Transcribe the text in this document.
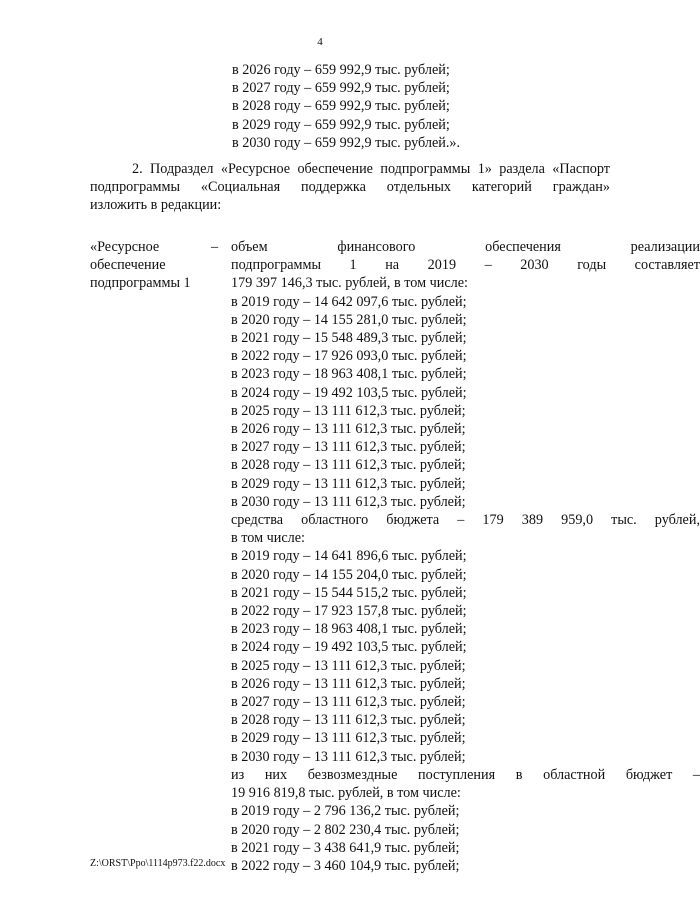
4
в 2026 году – 659 992,9 тыс. рублей;
в 2027 году – 659 992,9 тыс. рублей;
в 2028 году – 659 992,9 тыс. рублей;
в 2029 году – 659 992,9 тыс. рублей;
в 2030 году – 659 992,9 тыс. рублей.».
2. Подраздел «Ресурсное обеспечение подпрограммы 1» раздела «Паспорт
подпрограммы «Социальная поддержка отдельных категорий граждан»
изложить в редакции:
«Ресурсное
обеспечение
подпрограммы 1
– объем финансового обеспечения реализации
подпрограммы 1 на 2019 – 2030 годы составляет
179 397 146,3 тыс. рублей, в том числе:
в 2019 году – 14 642 097,6 тыс. рублей;
в 2020 году – 14 155 281,0 тыс. рублей;
в 2021 году – 15 548 489,3 тыс. рублей;
в 2022 году – 17 926 093,0 тыс. рублей;
в 2023 году – 18 963 408,1 тыс. рублей;
в 2024 году – 19 492 103,5 тыс. рублей;
в 2025 году – 13 111 612,3 тыс. рублей;
в 2026 году – 13 111 612,3 тыс. рублей;
в 2027 году – 13 111 612,3 тыс. рублей;
в 2028 году – 13 111 612,3 тыс. рублей;
в 2029 году – 13 111 612,3 тыс. рублей;
в 2030 году – 13 111 612,3 тыс. рублей;
средства областного бюджета – 179 389 959,0 тыс. рублей,
в том числе:
в 2019 году – 14 641 896,6 тыс. рублей;
в 2020 году – 14 155 204,0 тыс. рублей;
в 2021 году – 15 544 515,2 тыс. рублей;
в 2022 году – 17 923 157,8 тыс. рублей;
в 2023 году – 18 963 408,1 тыс. рублей;
в 2024 году – 19 492 103,5 тыс. рублей;
в 2025 году – 13 111 612,3 тыс. рублей;
в 2026 году – 13 111 612,3 тыс. рублей;
в 2027 году – 13 111 612,3 тыс. рублей;
в 2028 году – 13 111 612,3 тыс. рублей;
в 2029 году – 13 111 612,3 тыс. рублей;
в 2030 году – 13 111 612,3 тыс. рублей;
из них безвозмездные поступления в областной бюджет –
19 916 819,8 тыс. рублей, в том числе:
в 2019 году – 2 796 136,2 тыс. рублей;
в 2020 году – 2 802 230,4 тыс. рублей;
в 2021 году – 3 438 641,9 тыс. рублей;
в 2022 году – 3 460 104,9 тыс. рублей;
Z:\ORST\Ppo\1114p973.f22.docx
